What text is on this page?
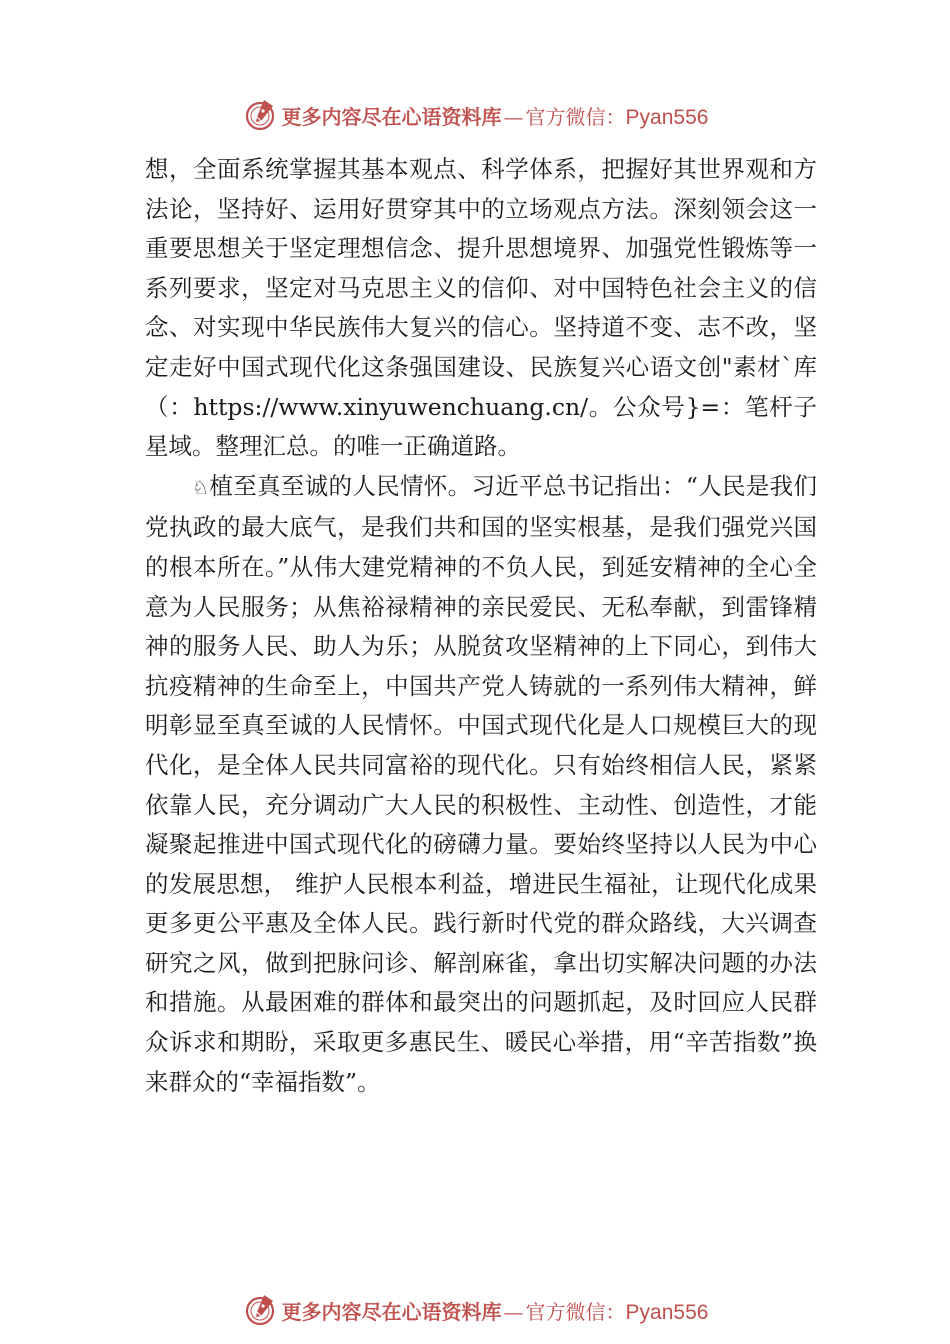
更多内容尽在心语资料库 — 官方微信：Pyan556

想，全面系统掌握其基本观点、科学体系，把握好其世界观和方法论，坚持好、运用好贯穿其中的立场观点方法。深刻领会这一重要思想关于坚定理想信念、提升思想境界、加强党性锻炼等一系列要求，坚定对马克思主义的信仰、对中国特色社会主义的信念、对实现中华民族伟大复兴的信心。坚持道不变、志不改，坚定走好中国式现代化这条强国建设、民族复兴心语文创"素材`库（：https://www.xinyuwenchuang.cn/。公众号}=：笔杆子星域。整理汇总。的唯一正确道路。

♘植至真至诚的人民情怀。习近平总书记指出：“人民是我们党执政的最大底气，是我们共和国的坚实根基，是我们强党兴国的根本所在。”从伟大建党精神的不负人民，到延安精神的全心全意为人民服务；从焦裕禄精神的亲民爱民、无私奉献，到雷锋精神的服务人民、助人为乐；从脱贫攻坚精神的上下同心，到伟大抗疫精神的生命至上，中国共产党人铸就的一系列伟大精神，鲜明彰显至真至诚的人民情怀。中国式现代化是人口规模巨大的现代化，是全体人民共同富裕的现代化。只有始终相信人民，紧紧依靠人民，充分调动广大人民的积极性、主动性、创造性，才能凝聚起推进中国式现代化的磅礴力量。要始终坚持以人民为中心的发展思想， 维护人民根本利益，增进民生福祉，让现代化成果更多更公平惠及全体人民。践行新时代党的群众路线，大兴调查研究之风，做到把脉问诊、解剖麻雀，拿出切实解决问题的办法和措施。从最困难的群体和最突出的问题抓起，及时回应人民群众诉求和期盼，采取更多惠民生、暖民心举措，用“辛苦指数”换来群众的“幸福指数”。

更多内容尽在心语资料库 — 官方微信：Pyan556
